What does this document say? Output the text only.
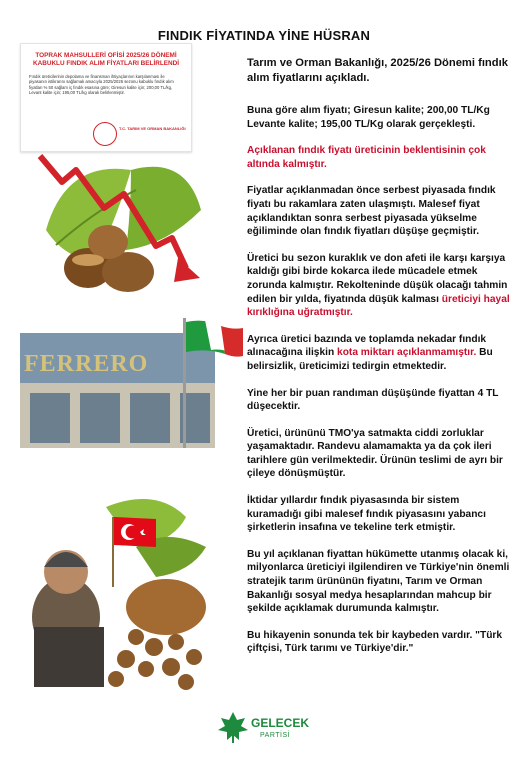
FINDIK FİYATINDA YİNE HÜSRAN
TOPRAK MAHSULLERİ OFİSİ 2025/26 DÖNEMİ KABUKLU FINDIK ALIM FİYATLARI BELİRLENDİ
Fındık üreticilerinin depolama ve finansman ihtiyaçlarının karşılanması ile piyasanın istikrarını sağlamak amacıyla 2025/2026 sezonu kabuklu fındık alım fiyatları % 50 sağlam iç fındık esasına göre; Giresun kalite için; 200,00 TL/kg, Levant kalite için; 195,00 TL/kg olarak belirlenmiştir.
T.C. TARIM VE ORMAN BAKANLIĞI
FERRERO

Tarım ve Orman Bakanlığı, 2025/26 Dönemi fındık alım fiyatlarını açıkladı.

Buna göre alım fiyatı; Giresun kalite; 200,00 TL/Kg Levante kalite; 195,00 TL/Kg olarak gerçekleşti.

Açıklanan fındık fiyatı üreticinin beklentisinin çok altında kalmıştır.

Fiyatlar açıklanmadan önce serbest piyasada fındık fiyatı bu rakamlara zaten ulaşmıştı. Malesef fiyat açıklandıktan sonra serbest piyasada yükselme eğiliminde olan fındık fiyatları düşüşe geçmiştir.

Üretici bu sezon kuraklık ve don afeti ile karşı karşıya kaldığı gibi birde kokarca ilede mücadele etmek zorunda kalmıştır. Rekolteninde düşük olacağı tahmin edilen bir yılda, fiyatında düşük kalması üreticiyi hayal kırıklığına uğratmıştır.

Ayrıca üretici bazında ve toplamda nekadar fındık alınacağına ilişkin kota miktarı açıklanmamıştır. Bu belirsizlik, üreticimizi tedirgin etmektedir.

Yine her bir puan randıman düşüşünde fiyattan 4 TL düşecektir.

Üretici, ürününü TMO'ya satmakta ciddi zorluklar yaşamaktadır. Randevu alamamakta ya da çok ileri tarihlere gün verilmektedir. Ürünün teslimi de ayrı bir çileye dönüşmüştür.

İktidar yıllardır fındık piyasasında bir sistem kuramadığı gibi malesef fındık piyasasını yabancı şirketlerin insafına ve tekeline terk etmiştir.

Bu yıl açıklanan fiyattan hükümette utanmış olacak ki, milyonlarca üreticiyi ilgilendiren ve Türkiye'nin önemli stratejik tarım ürününün fiyatını, Tarım ve Orman Bakanlığı sosyal medya hesaplarından mahcup bir şekilde açıklamak durumunda kalmıştır.

Bu hikayenin sonunda tek bir kaybeden vardır. "Türk çiftçisi, Türk tarımı ve Türkiye'dir."

GELECEK
PARTİSİ
